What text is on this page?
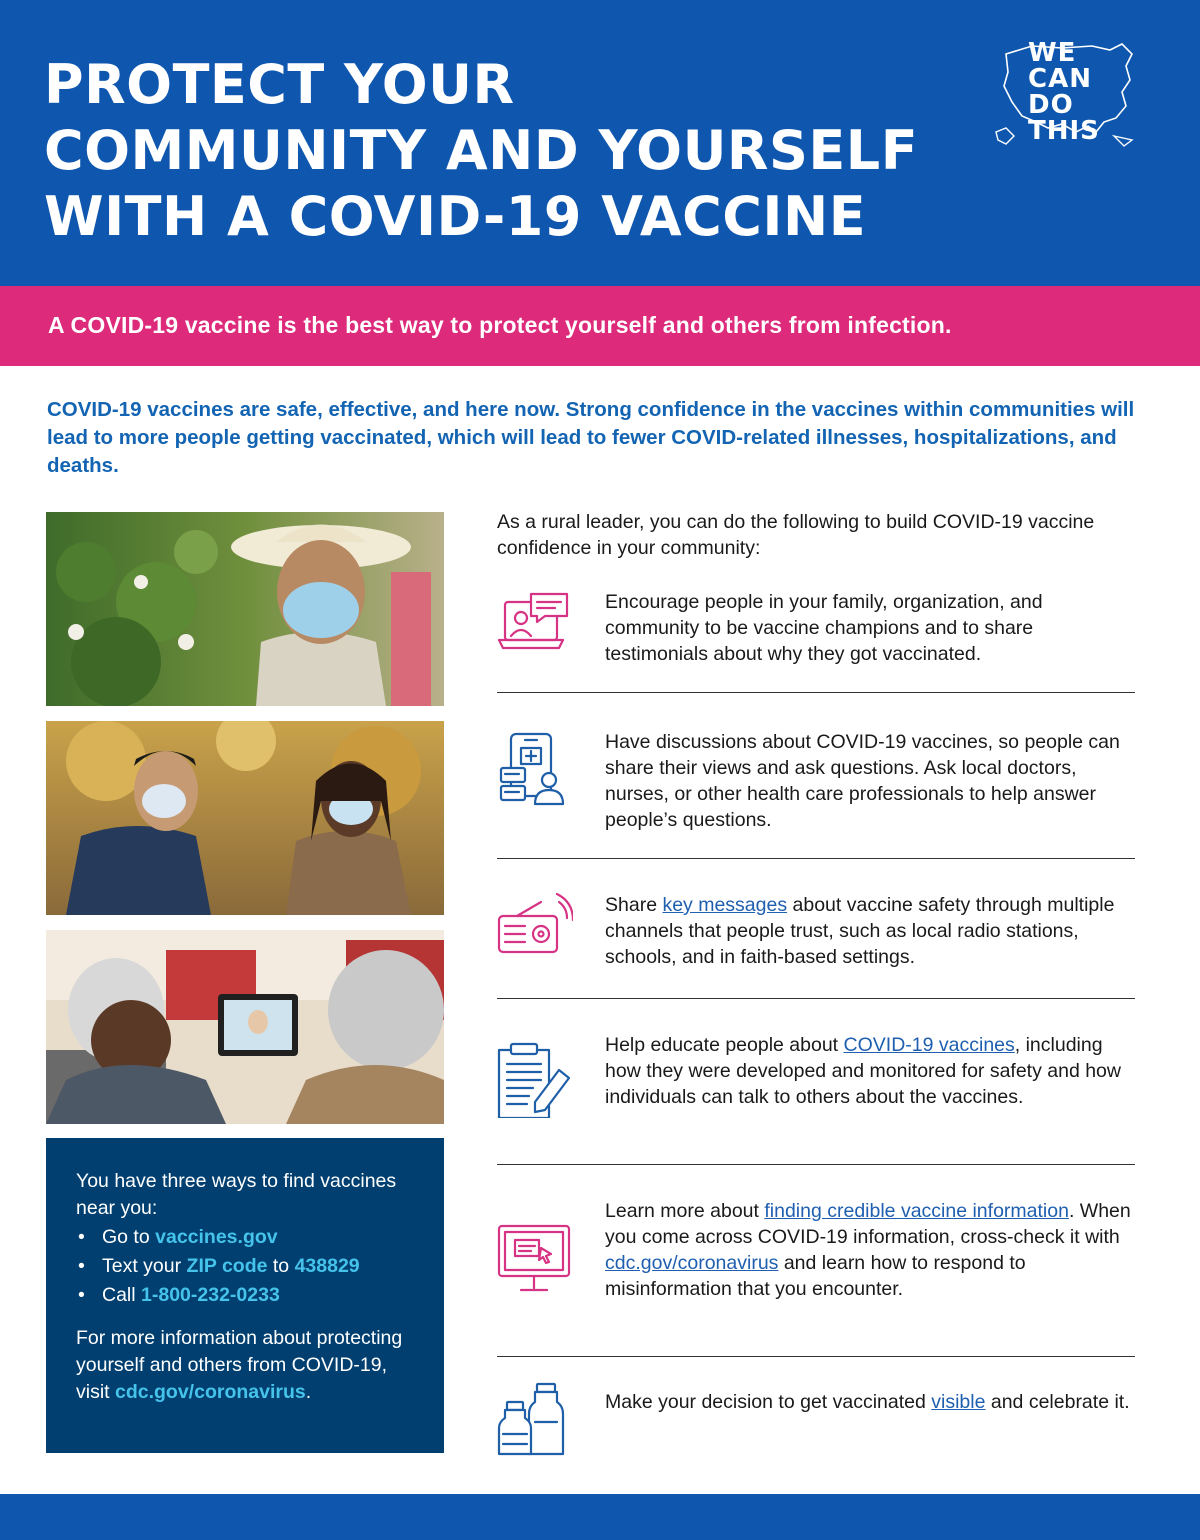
PROTECT YOUR
COMMUNITY AND YOURSELF
WITH A COVID-19 VACCINE
WE
CAN
DO
THIS
A COVID-19 vaccine is the best way to protect yourself and others from infection.
COVID-19 vaccines are safe, effective, and here now. Strong confidence in the vaccines within communities will lead to more people getting vaccinated, which will lead to fewer COVID-related illnesses, hospitalizations, and deaths.
You have three ways to find vaccines near you:
• Go to vaccines.gov
• Text your ZIP code to 438829
• Call 1-800-232-0233
For more information about protecting yourself and others from COVID-19, visit cdc.gov/coronavirus.
As a rural leader, you can do the following to build COVID-19 vaccine confidence in your community:
Encourage people in your family, organization, and community to be vaccine champions and to share testimonials about why they got vaccinated.
Have discussions about COVID-19 vaccines, so people can share their views and ask questions. Ask local doctors, nurses, or other health care professionals to help answer people’s questions.
Share key messages about vaccine safety through multiple channels that people trust, such as local radio stations, schools, and in faith-based settings.
Help educate people about COVID-19 vaccines, including how they were developed and monitored for safety and how individuals can talk to others about the vaccines.
Learn more about finding credible vaccine information. When you come across COVID-19 information, cross-check it with cdc.gov/coronavirus and learn how to respond to misinformation that you encounter.
Make your decision to get vaccinated visible and celebrate it.
